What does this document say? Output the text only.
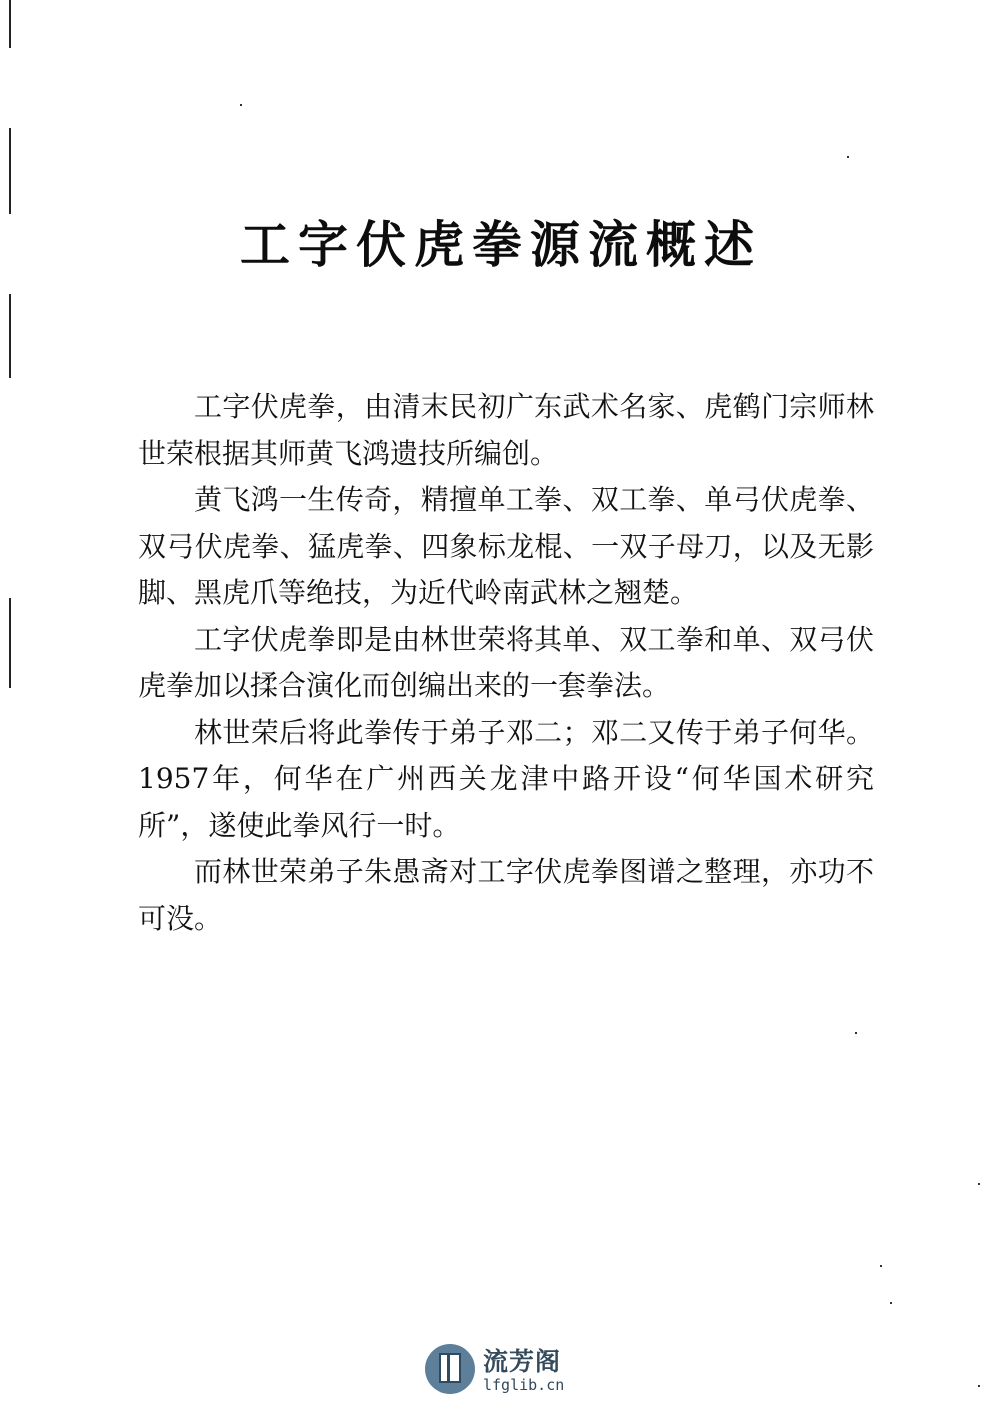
工字伏虎拳源流概述

工字伏虎拳，由清末民初广东武术名家、虎鹤门宗师林世荣根据其师黄飞鸿遗技所编创。

黄飞鸿一生传奇，精擅单工拳、双工拳、单弓伏虎拳、双弓伏虎拳、猛虎拳、四象标龙棍、一双子母刀，以及无影脚、黑虎爪等绝技，为近代岭南武林之翘楚。

工字伏虎拳即是由林世荣将其单、双工拳和单、双弓伏虎拳加以揉合演化而创编出来的一套拳法。

林世荣后将此拳传于弟子邓二；邓二又传于弟子何华。1957年，何华在广州西关龙津中路开设“何华国术研究所”，遂使此拳风行一时。

而林世荣弟子朱愚斋对工字伏虎拳图谱之整理，亦功不可没。

流芳阁
lfglib.cn
